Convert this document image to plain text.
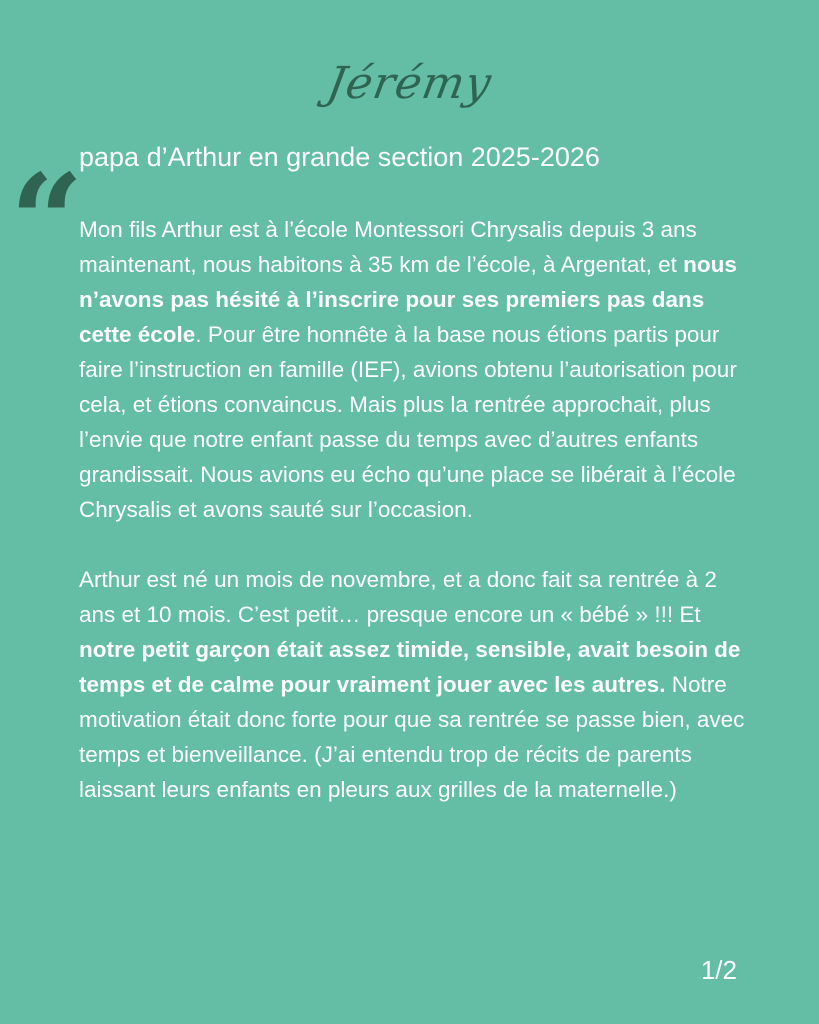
Jérémy
papa d’Arthur en grande section 2025-2026
“

Mon fils Arthur est à l’école Montessori Chrysalis depuis 3 ans maintenant, nous habitons à 35 km de l’école, à Argentat, et nous n’avons pas hésité à l’inscrire pour ses premiers pas dans cette école. Pour être honnête à la base nous étions partis pour faire l’instruction en famille (IEF), avions obtenu l’autorisation pour cela, et étions convaincus. Mais plus la rentrée approchait, plus l’envie que notre enfant passe du temps avec d’autres enfants grandissait. Nous avions eu écho qu’une place se libérait à l’école Chrysalis et avons sauté sur l’occasion.

Arthur est né un mois de novembre, et a donc fait sa rentrée à 2 ans et 10 mois. C’est petit… presque encore un « bébé » !!! Et notre petit garçon était assez timide, sensible, avait besoin de temps et de calme pour vraiment jouer avec les autres. Notre motivation était donc forte pour que sa rentrée se passe bien, avec temps et bienveillance. (J’ai entendu trop de récits de parents laissant leurs enfants en pleurs aux grilles de la maternelle.)

1/2
